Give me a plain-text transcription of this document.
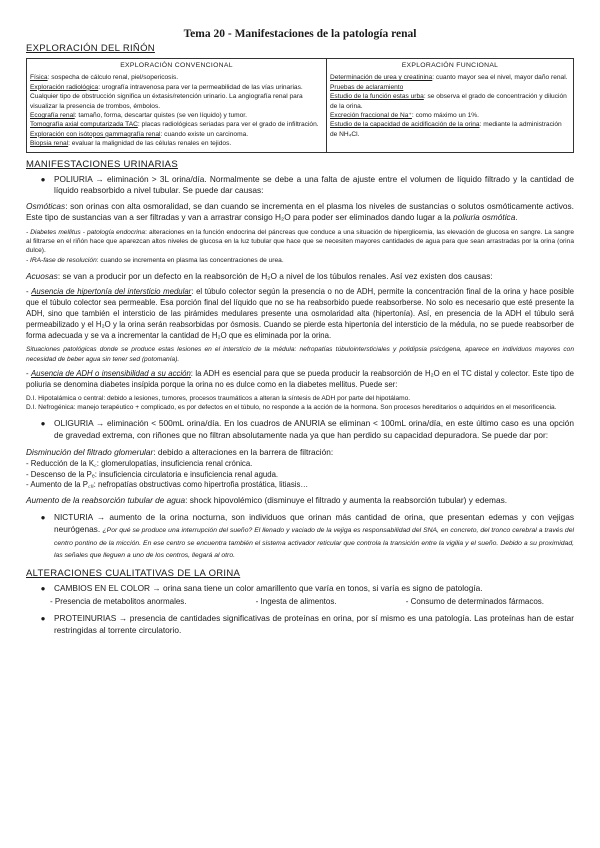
Tema 20 - Manifestaciones de la patología renal
EXPLORACIÓN DEL RIÑÓN
EXPLORACIÓN CONVENCIONAL

Física: sospecha de cálculo renal, piel/sopericosis.

Exploración radiológica: urografía intravenosa para ver la permeabilidad de las vías urinarias. Cualquier tipo de obstrucción significa un éxtasis/retención urinario. La angiografía renal para visualizar la presencia de trombos, émbolos.

Ecografía renal: tamaño, forma, descartar quistes (se ven líquido) y tumor.

Tomografía axial computarizada TAC: placas radiológicas seriadas para ver el grado de infiltración.

Exploración con isótopos gammagrafía renal: cuando existe un carcinoma.

Biopsia renal: evaluar la malignidad de las células renales en tejidos.

EXPLORACIÓN FUNCIONAL

Determinación de urea y creatinina: cuanto mayor sea el nivel, mayor daño renal.

Pruebas de aclaramiento

Estudio de la función estas urba: se observa el grado de concentración y dilución de la orina.

Excreción fraccional de Na⁺: como máximo un 1%.

Estudio de la capacidad de acidificación de la orina: mediante la administración de NH₄Cl.

MANIFESTACIONES URINARIAS
●	POLIURIA → eliminación > 3L orina/día. Normalmente se debe a una falta de ajuste entre el volumen de líquido filtrado y la cantidad de líquido reabsorbido a nivel tubular. Se puede dar causas:

Osmóticas: son orinas con alta osmoralidad, se dan cuando se incrementa en el plasma los niveles de sustancias o solutos osmóticamente activos. Este tipo de sustancias van a ser filtradas y van a arrastrar consigo H₂O para poder ser eliminados dando lugar a la poliuria osmótica.

- Diabetes mellitus - patología endocrina: alteraciones en la función endocrina del páncreas que conduce a una situación de hiperglicemia, las elevación de glucosa en sangre. La sangre al filtrarse en el riñón hace que aparezcan altos niveles de glucosa en la luz tubular que hace que se necesiten mayores cantidades de agua para que sean arrastradas por la orina (orina dulce).

- IRA-fase de resolución: cuando se incrementa en plasma las concentraciones de urea.

Acuosas: se van a producir por un defecto en la reabsorción de H₂O a nivel de los túbulos renales. Así vez existen dos causas:

- Ausencia de hipertonía del intersticio medular: el túbulo colector según la presencia o no de ADH, permite la concentración final de la orina y hace posible que el túbulo colector sea permeable. Esa porción final del líquido que no se ha reabsorbido puede reabsorberse. No solo es necesario que esté presente la ADH, sino que también el intersticio de las pirámides medulares presente una osmolaridad alta (hipertonía). Así, en presencia de la ADH el túbulo será permeabilizado y el H₂O y la orina serán reabsorbidas por ósmosis. Cuando se pierde esta hipertonía del intersticio de la médula, no se puede reabsorber de forma adecuada y se va a incrementar la cantidad de H₂O que es eliminada por la orina.

Situaciones patológicas donde se produce estas lesiones en el intersticio de la médula: nefropatías túbulointersticiales y polidipsia psicógena, aparece en individuos mayores con necesidad de beber agua sin tener sed (potomanía).

- Ausencia de ADH o insensibilidad a su acción: la ADH es esencial para que se pueda producir la reabsorción de H₂O en el TC distal y colector. Este tipo de poliuria se denomina diabetes insípida porque la orina no es dulce como en la diabetes mellitus. Puede ser:

D.I. Hipotalámica o central: debido a lesiones, tumores, procesos traumáticos a alteran la síntesis de ADH por parte del hipotálamo.

D.I. Nefrogénica: manejo terapéutico + complicado, es por defectos en el túbulo, no responde a la acción de la hormona. Son procesos hereditarios o adquiridos en el mesorificencia.

●	OLIGURIA → eliminación < 500mL orina/día. En los cuadros de ANURIA se eliminan < 100mL orina/día, en este último caso es una opción de gravedad extrema, con riñones que no filtran absolutamente nada ya que han perdido su capacidad depuradora. Se puede dar por:

Disminución del filtrado glomerular: debido a alteraciones en la barrera de filtración:

- Reducción de la K꜀: glomerulopatías, insuficiencia renal crónica.

- Descenso de la Pₑ: insuficiencia circulatoria e insuficiencia renal aguda.

- Aumento de la P꜀ᵤ: nefropatías obstructivas como hipertrofia prostática, litiasis…

Aumento de la reabsorción tubular de agua: shock hipovolémico (disminuye el filtrado y aumenta la reabsorción tubular) y edemas.

●	NICTURIA → aumento de la orina nocturna, son individuos que orinan más cantidad de orina, que presentan edemas y con vejigas neurógenas. ¿Por qué se produce una interrupción del sueño? El llenado y vaciado de la vejiga es responsabilidad del SNA, en concreto, del tronco cerebral a través del centro pontino de la micción. En ese centro se encuentra también el sistema activador reticular que controla la transición entre la vigilia y el sueño. Debido a su proximidad, las señales que lleguen a uno de los centros, llegará al otro.

ALTERACIONES CUALITATIVAS DE LA ORINA
●	CAMBIOS EN EL COLOR → orina sana tiene un color amarillento que varía en tonos, si varía es signo de patología.

- Presencia de metabolitos anormales.	- Ingesta de alimentos.	- Consumo de determinados fármacos.
●	PROTEINURIAS → presencia de cantidades significativas de proteínas en orina, por sí mismo es una patología. Las proteínas han de estar restringidas al torrente circulatorio.
